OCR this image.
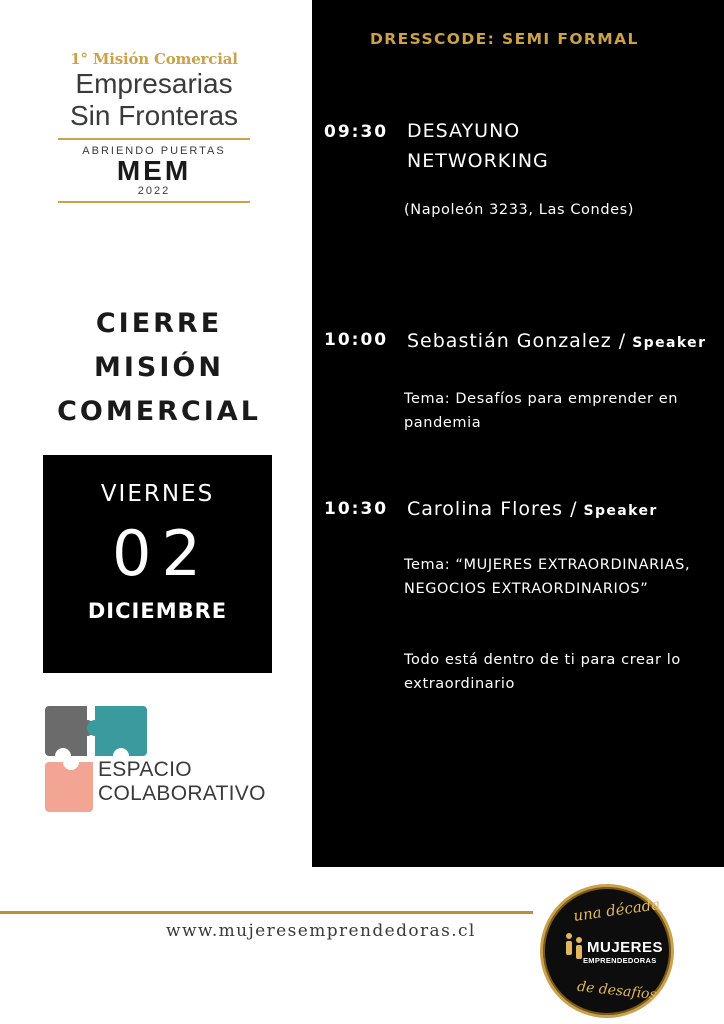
1° Misión Comercial
Empresarias
Sin Fronteras
ABRIENDO PUERTAS
MEM
2022
CIERRE
MISIÓN
COMERCIAL
VIERNES
02
DICIEMBRE
ESPACIO
COLABORATIVO
DRESSCODE: SEMI FORMAL
09:30 DESAYUNO
NETWORKING
(Napoleón 3233, Las Condes)
10:00 Sebastián Gonzalez / Speaker
Tema: Desafíos para emprender en pandemia
10:30 Carolina Flores / Speaker
Tema: “MUJERES EXTRAORDINARIAS, NEGOCIOS EXTRAORDINARIOS”
Todo está dentro de ti para crear lo extraordinario
www.mujeresemprendedoras.cl
una década
MUJERES
EMPRENDEDORAS
de desafíos
